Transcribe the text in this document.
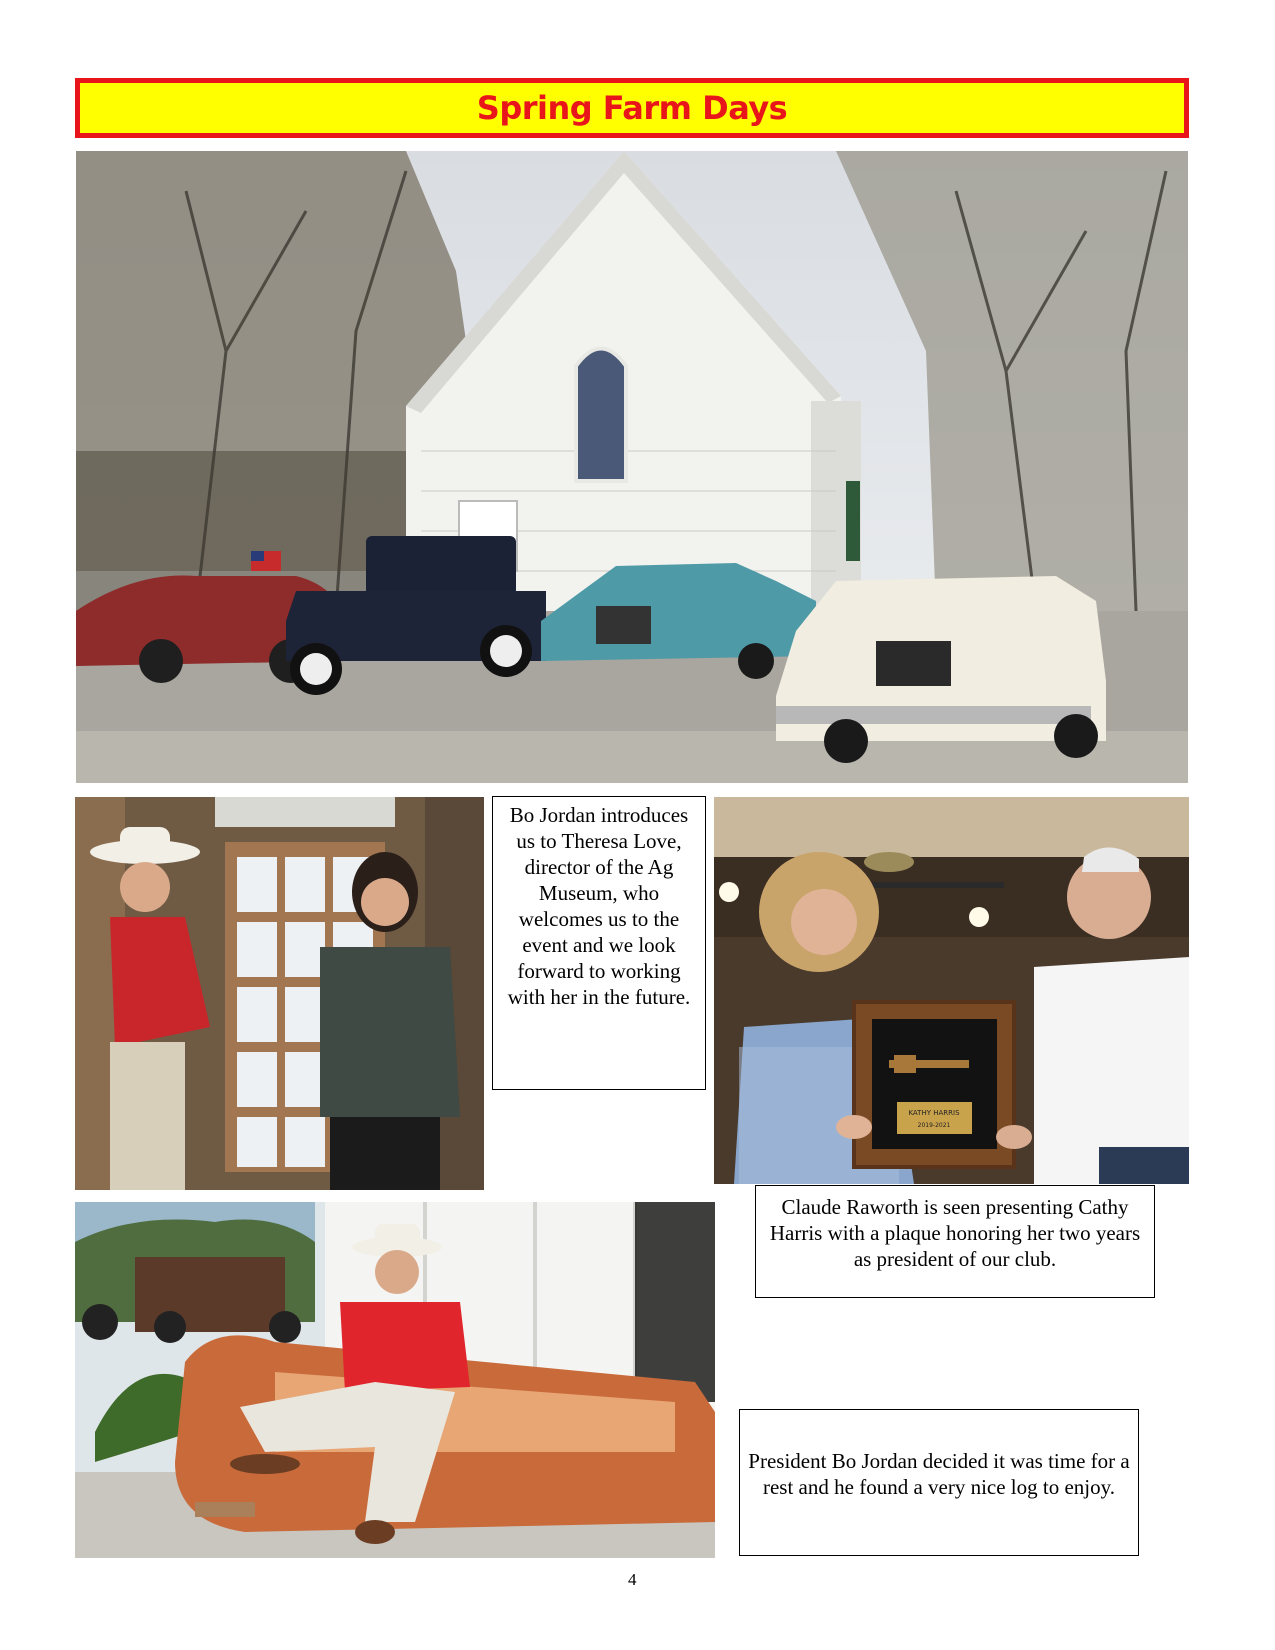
Spring Farm Days
Bo Jordan introduces us to Theresa Love, director of the Ag Museum, who welcomes us to the event and we look forward to working with her in the future.
KATHY HARRIS
2019-2021
Claude Raworth is seen presenting Cathy Harris with a plaque honoring her two years as president of our club.
President Bo Jordan decided it was time for a rest and he found a very nice log to enjoy.
4
